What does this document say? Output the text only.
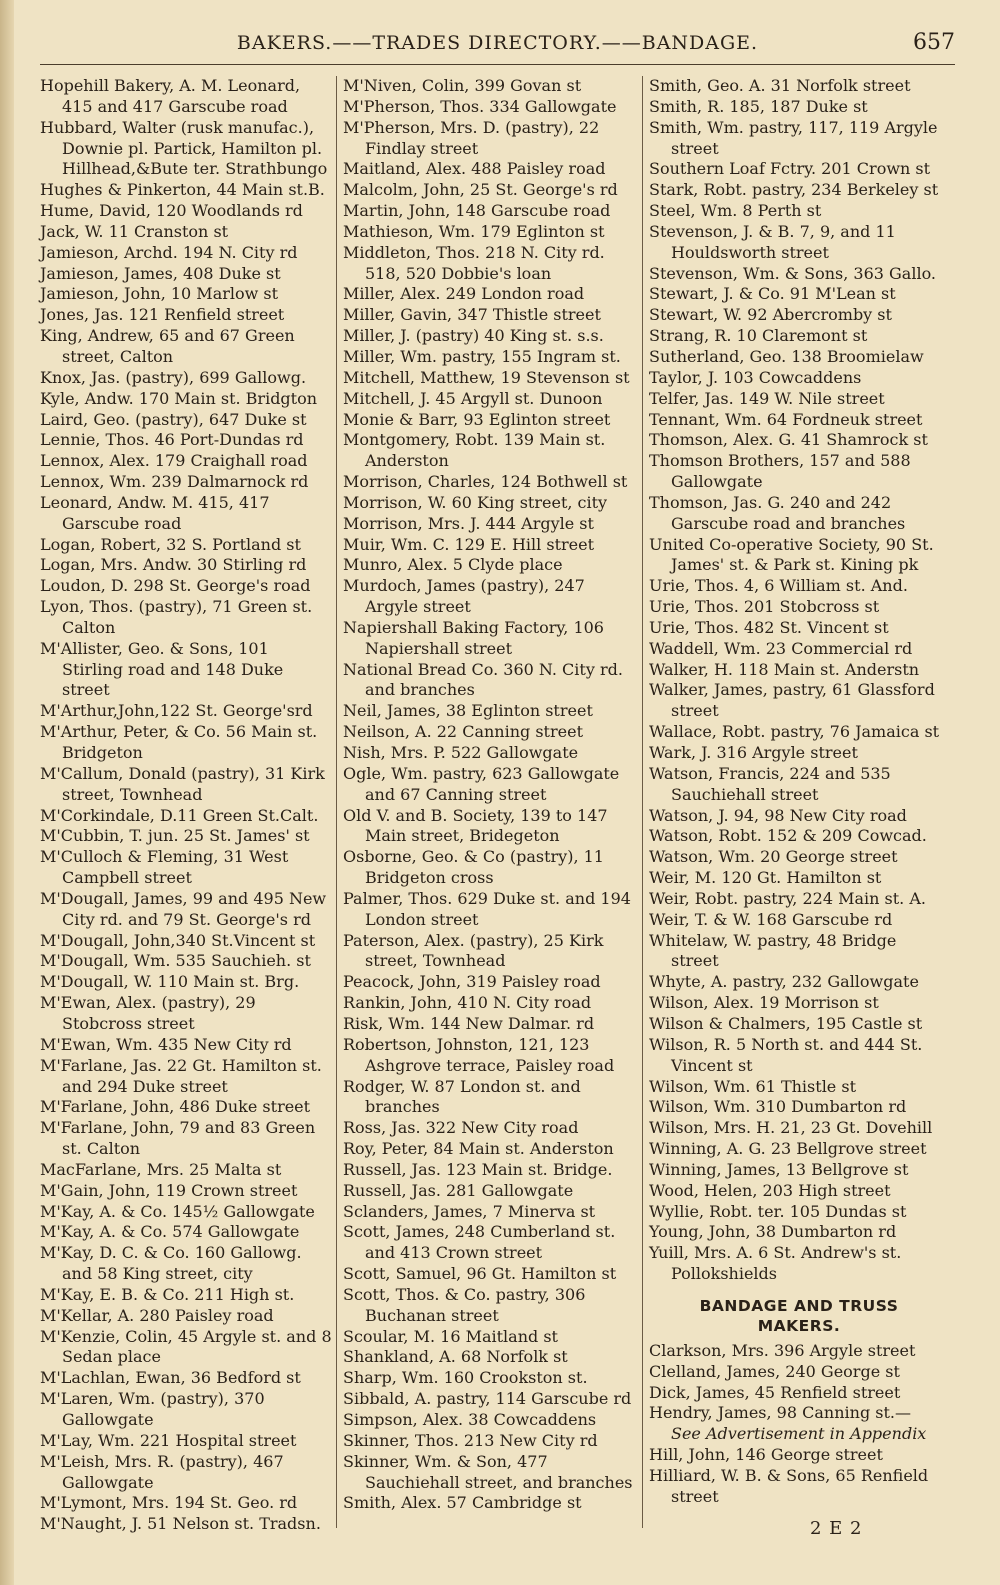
BAKERS.——TRADES DIRECTORY.——BANDAGE.	657
Hopehill Bakery, A. M. Leonard, 415 and 417 Garscube road
Hubbard, Walter (rusk manufac.), Downie pl. Partick, Hamilton pl. Hillhead,&Bute ter. Strathbungo
Hughes & Pinkerton, 44 Main st.B.
Hume, David, 120 Woodlands rd
Jack, W. 11 Cranston st
Jamieson, Archd. 194 N. City rd
Jamieson, James, 408 Duke st
Jamieson, John, 10 Marlow st
Jones, Jas. 121 Renfield street
King, Andrew, 65 and 67 Green street, Calton
Knox, Jas. (pastry), 699 Gallowg.
Kyle, Andw. 170 Main st. Bridgton
Laird, Geo. (pastry), 647 Duke st
Lennie, Thos. 46 Port-Dundas rd
Lennox, Alex. 179 Craighall road
Lennox, Wm. 239 Dalmarnock rd
Leonard, Andw. M. 415, 417 Garscube road
Logan, Robert, 32 S. Portland st
Logan, Mrs. Andw. 30 Stirling rd
Loudon, D. 298 St. George's road
Lyon, Thos. (pastry), 71 Green st. Calton
M'Allister, Geo. & Sons, 101 Stirling road and 148 Duke street
M'Arthur,John,122 St. George'srd
M'Arthur, Peter, & Co. 56 Main st. Bridgeton
M'Callum, Donald (pastry), 31 Kirk street, Townhead
M'Corkindale, D.11 Green St.Calt.
M'Cubbin, T. jun. 25 St. James' st
M'Culloch & Fleming, 31 West Campbell street
M'Dougall, James, 99 and 495 New City rd. and 79 St. George's rd
M'Dougall, John,340 St.Vincent st
M'Dougall, Wm. 535 Sauchieh. st
M'Dougall, W. 110 Main st. Brg.
M'Ewan, Alex. (pastry), 29 Stobcross street
M'Ewan, Wm. 435 New City rd
M'Farlane, Jas. 22 Gt. Hamilton st. and 294 Duke street
M'Farlane, John, 486 Duke street
M'Farlane, John, 79 and 83 Green st. Calton
MacFarlane, Mrs. 25 Malta st
M'Gain, John, 119 Crown street
M'Kay, A. & Co. 145½ Gallowgate
M'Kay, A. & Co. 574 Gallowgate
M'Kay, D. C. & Co. 160 Gallowg. and 58 King street, city
M'Kay, E. B. & Co. 211 High st.
M'Kellar, A. 280 Paisley road
M'Kenzie, Colin, 45 Argyle st. and 8 Sedan place
M'Lachlan, Ewan, 36 Bedford st
M'Laren, Wm. (pastry), 370 Gallowgate
M'Lay, Wm. 221 Hospital street
M'Leish, Mrs. R. (pastry), 467 Gallowgate
M'Lymont, Mrs. 194 St. Geo. rd
M'Naught, J. 51 Nelson st. Tradsn.
M'Niven, Colin, 399 Govan st
M'Pherson, Thos. 334 Gallowgate
M'Pherson, Mrs. D. (pastry), 22 Findlay street
Maitland, Alex. 488 Paisley road
Malcolm, John, 25 St. George's rd
Martin, John, 148 Garscube road
Mathieson, Wm. 179 Eglinton st
Middleton, Thos. 218 N. City rd. 518, 520 Dobbie's loan
Miller, Alex. 249 London road
Miller, Gavin, 347 Thistle street
Miller, J. (pastry) 40 King st. s.s.
Miller, Wm. pastry, 155 Ingram st.
Mitchell, Matthew, 19 Stevenson st
Mitchell, J. 45 Argyll st. Dunoon
Monie & Barr, 93 Eglinton street
Montgomery, Robt. 139 Main st. Anderston
Morrison, Charles, 124 Bothwell st
Morrison, W. 60 King street, city
Morrison, Mrs. J. 444 Argyle st
Muir, Wm. C. 129 E. Hill street
Munro, Alex. 5 Clyde place
Murdoch, James (pastry), 247 Argyle street
Napiershall Baking Factory, 106 Napiershall street
National Bread Co. 360 N. City rd. and branches
Neil, James, 38 Eglinton street
Neilson, A. 22 Canning street
Nish, Mrs. P. 522 Gallowgate
Ogle, Wm. pastry, 623 Gallowgate and 67 Canning street
Old V. and B. Society, 139 to 147 Main street, Bridegeton
Osborne, Geo. & Co (pastry), 11 Bridgeton cross
Palmer, Thos. 629 Duke st. and 194 London street
Paterson, Alex. (pastry), 25 Kirk street, Townhead
Peacock, John, 319 Paisley road
Rankin, John, 410 N. City road
Risk, Wm. 144 New Dalmar. rd
Robertson, Johnston, 121, 123 Ashgrove terrace, Paisley road
Rodger, W. 87 London st. and branches
Ross, Jas. 322 New City road
Roy, Peter, 84 Main st. Anderston
Russell, Jas. 123 Main st. Bridge.
Russell, Jas. 281 Gallowgate
Sclanders, James, 7 Minerva st
Scott, James, 248 Cumberland st. and 413 Crown street
Scott, Samuel, 96 Gt. Hamilton st
Scott, Thos. & Co. pastry, 306 Buchanan street
Scoular, M. 16 Maitland st
Shankland, A. 68 Norfolk st
Sharp, Wm. 160 Crookston st.
Sibbald, A. pastry, 114 Garscube rd
Simpson, Alex. 38 Cowcaddens
Skinner, Thos. 213 New City rd
Skinner, Wm. & Son, 477 Sauchiehall street, and branches
Smith, Alex. 57 Cambridge st
Smith, Geo. A. 31 Norfolk street
Smith, R. 185, 187 Duke st
Smith, Wm. pastry, 117, 119 Argyle street
Southern Loaf Fctry. 201 Crown st
Stark, Robt. pastry, 234 Berkeley st
Steel, Wm. 8 Perth st
Stevenson, J. & B. 7, 9, and 11 Houldsworth street
Stevenson, Wm. & Sons, 363 Gallo.
Stewart, J. & Co. 91 M'Lean st
Stewart, W. 92 Abercromby st
Strang, R. 10 Claremont st
Sutherland, Geo. 138 Broomielaw
Taylor, J. 103 Cowcaddens
Telfer, Jas. 149 W. Nile street
Tennant, Wm. 64 Fordneuk street
Thomson, Alex. G. 41 Shamrock st
Thomson Brothers, 157 and 588 Gallowgate
Thomson, Jas. G. 240 and 242 Garscube road and branches
United Co-operative Society, 90 St. James' st. & Park st. Kining pk
Urie, Thos. 4, 6 William st. And.
Urie, Thos. 201 Stobcross st
Urie, Thos. 482 St. Vincent st
Waddell, Wm. 23 Commercial rd
Walker, H. 118 Main st. Anderstn
Walker, James, pastry, 61 Glassford street
Wallace, Robt. pastry, 76 Jamaica st
Wark, J. 316 Argyle street
Watson, Francis, 224 and 535 Sauchiehall street
Watson, J. 94, 98 New City road
Watson, Robt. 152 & 209 Cowcad.
Watson, Wm. 20 George street
Weir, M. 120 Gt. Hamilton st
Weir, Robt. pastry, 224 Main st. A.
Weir, T. & W. 168 Garscube rd
Whitelaw, W. pastry, 48 Bridge street
Whyte, A. pastry, 232 Gallowgate
Wilson, Alex. 19 Morrison st
Wilson & Chalmers, 195 Castle st
Wilson, R. 5 North st. and 444 St. Vincent st
Wilson, Wm. 61 Thistle st
Wilson, Wm. 310 Dumbarton rd
Wilson, Mrs. H. 21, 23 Gt. Dovehill
Winning, A. G. 23 Bellgrove street
Winning, James, 13 Bellgrove st
Wood, Helen, 203 High street
Wyllie, Robt. ter. 105 Dundas st
Young, John, 38 Dumbarton rd
Yuill, Mrs. A. 6 St. Andrew's st. Pollokshields
BANDAGE AND TRUSS
MAKERS.
Clarkson, Mrs. 396 Argyle street
Clelland, James, 240 George st
Dick, James, 45 Renfield street
Hendry, James, 98 Canning st.—
See Advertisement in Appendix
Hill, John, 146 George street
Hilliard, W. B. & Sons, 65 Renfield street
2 E 2
